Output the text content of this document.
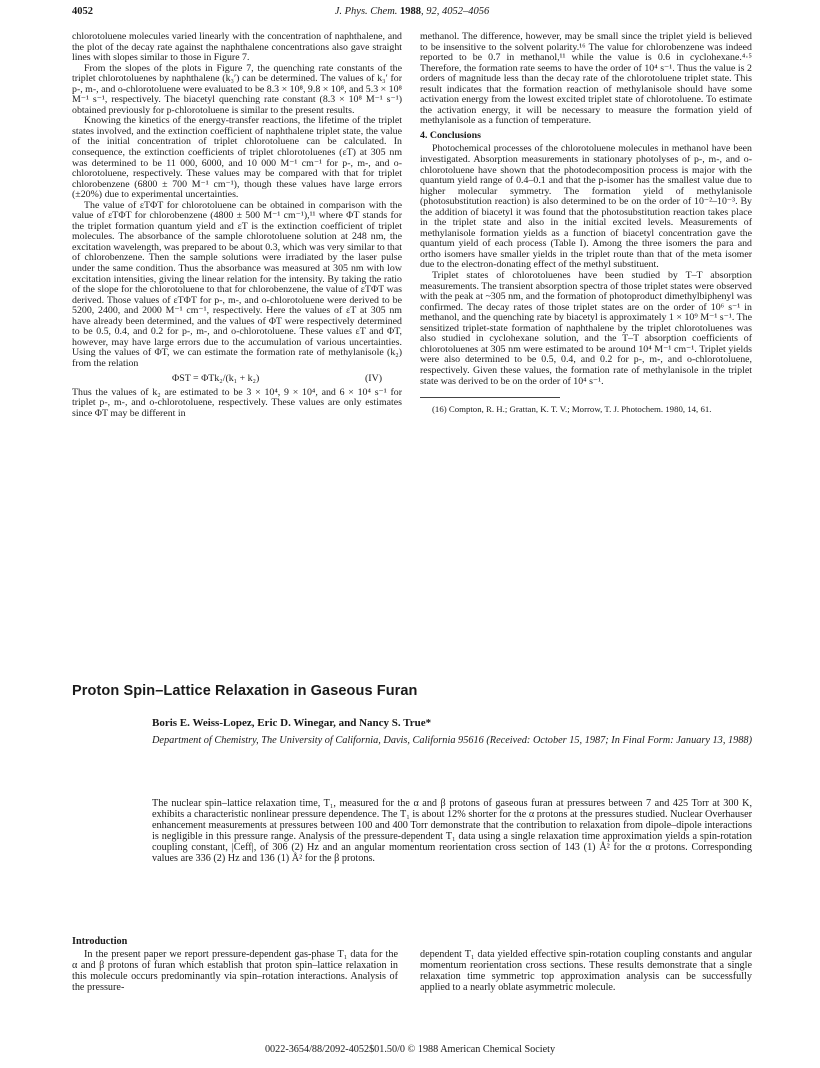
4052	J. Phys. Chem. 1988, 92, 4052–4056

chlorotoluene molecules varied linearly with the concentration of naphthalene, and the plot of the decay rate against the naphthalene concentrations also gave straight lines with slopes similar to those in Figure 7.

From the slopes of the plots in Figure 7, the quenching rate constants of the triplet chlorotoluenes by naphthalene (k₃′) can be determined. The values of k₃′ for p-, m-, and o-chlorotoluene were evaluated to be 8.3 × 10⁸, 9.8 × 10⁸, and 5.3 × 10⁸ M⁻¹ s⁻¹, respectively. The biacetyl quenching rate constant (8.3 × 10⁸ M⁻¹ s⁻¹) obtained previously for p-chlorotoluene is similar to the present results.

Knowing the kinetics of the energy-transfer reactions, the lifetime of the triplet states involved, and the extinction coefficient of naphthalene triplet state, the value of the initial concentration of triplet chlorotoluene can be calculated. In consequence, the extinction coefficients of triplet chlorotoluenes (εT) at 305 nm was determined to be 11 000, 6000, and 10 000 M⁻¹ cm⁻¹ for p-, m-, and o-chlorotoluene, respectively. These values may be compared with that for triplet chlorobenzene (6800 ± 700 M⁻¹ cm⁻¹), though these values have large errors (±20%) due to experimental uncertainties.

The value of εTΦT for chlorotoluene can be obtained in comparison with the value of εTΦT for chlorobenzene (4800 ± 500 M⁻¹ cm⁻¹),¹¹ where ΦT stands for the triplet formation quantum yield and εT is the extinction coefficient of triplet molecules. The absorbance of the sample chlorotoluene solution at 248 nm, the excitation wavelength, was prepared to be about 0.3, which was very similar to that of chlorobenzene. Then the sample solutions were irradiated by the laser pulse under the same condition. Thus the absorbance was measured at 305 nm with low excitation intensities, giving the linear relation for the intensity. By taking the ratio of the slope for the chlorotoluene to that for chlorobenzene, the value of εTΦT was derived. Those values of εTΦT for p-, m-, and o-chlorotoluene were derived to be 5200, 2400, and 2000 M⁻¹ cm⁻¹, respectively. Here the values of εT at 305 nm have already been determined, and the values of ΦT were respectively determined to be 0.5, 0.4, and 0.2 for p-, m-, and o-chlorotoluene. These values εT and ΦT, however, may have large errors due to the accumulation of various uncertainties. Using the values of ΦT, we can estimate the formation rate of methylanisole (k₂) from the relation

ΦST = ΦTk₂/(k₁ + k₂)	(IV)

Thus the values of k₂ are estimated to be 3 × 10⁴, 9 × 10⁴, and 6 × 10⁴ s⁻¹ for triplet p-, m-, and o-chlorotoluene, respectively. These values are only estimates since ΦT may be different in

methanol. The difference, however, may be small since the triplet yield is believed to be insensitive to the solvent polarity.¹⁶ The value for chlorobenzene was indeed reported to be 0.7 in methanol,¹¹ while the value is 0.6 in cyclohexane.⁴·⁵ Therefore, the formation rate seems to have the order of 10⁴ s⁻¹. Thus the value is 2 orders of magnitude less than the decay rate of the chlorotoluene triplet state. This result indicates that the formation reaction of methylanisole should have some activation energy from the lowest excited triplet state of chlorotoluene. To estimate the activation energy, it will be necessary to measure the formation yield of methylanisole as a function of temperature.

4. Conclusions

Photochemical processes of the chlorotoluene molecules in methanol have been investigated. Absorption measurements in stationary photolyses of p-, m-, and o-chlorotoluene have shown that the photodecomposition process is major with the quantum yield range of 0.4–0.1 and that the p-isomer has the smallest value due to higher molecular symmetry. The formation yield of methylanisole (photosubstitution reaction) is also determined to be on the order of 10⁻²–10⁻³. By the addition of biacetyl it was found that the photosubstitution reaction takes place in the triplet state and also in the initial excited levels. Measurements of methylanisole formation yields as a function of biacetyl concentration gave the quantum yield of each process (Table I). Among the three isomers the para and ortho isomers have smaller yields in the triplet route than that of the meta isomer due to the electron-donating effect of the methyl substituent.

Triplet states of chlorotoluenes have been studied by T–T absorption measurements. The transient absorption spectra of those triplet states were observed with the peak at ~305 nm, and the formation of photoproduct dimethylbiphenyl was confirmed. The decay rates of those triplet states are on the order of 10⁶ s⁻¹ in methanol, and the quenching rate by biacetyl is approximately 1 × 10⁹ M⁻¹ s⁻¹. The sensitized triplet-state formation of naphthalene by the triplet chlorotoluenes was also studied in cyclohexane solution, and the T–T absorption coefficients of chlorotoluenes at 305 nm were estimated to be around 10⁴ M⁻¹ cm⁻¹. Triplet yields were also determined to be 0.5, 0.4, and 0.2 for p-, m-, and o-chlorotoluene, respectively. Given these values, the formation rate of methylanisole in the triplet state was derived to be on the order of 10⁴ s⁻¹.

(16) Compton, R. H.; Grattan, K. T. V.; Morrow, T. J. Photochem. 1980, 14, 61.

Proton Spin–Lattice Relaxation in Gaseous Furan
Boris E. Weiss-Lopez, Eric D. Winegar, and Nancy S. True*
Department of Chemistry, The University of California, Davis, California 95616 (Received: October 15, 1987; In Final Form: January 13, 1988)
The nuclear spin–lattice relaxation time, T₁, measured for the α and β protons of gaseous furan at pressures between 7 and 425 Torr at 300 K, exhibits a characteristic nonlinear pressure dependence. The T₁ is about 12% shorter for the α protons at the pressures studied. Nuclear Overhauser enhancement measurements at pressures between 100 and 400 Torr demonstrate that the contribution to relaxation from dipole–dipole interactions is negligible in this pressure range. Analysis of the pressure-dependent T₁ data using a single relaxation time approximation yields a spin-rotation coupling constant, |Ceff|, of 306 (2) Hz and an angular momentum reorientation cross section of 143 (1) Å² for the α protons. Corresponding values are 336 (2) Hz and 136 (1) Å² for the β protons.
Introduction

In the present paper we report pressure-dependent gas-phase T₁ data for the α and β protons of furan which establish that proton spin–lattice relaxation in this molecule occurs predominantly via spin–rotation interactions. Analysis of the pressure-

dependent T₁ data yielded effective spin-rotation coupling constants and angular momentum reorientation cross sections. These results demonstrate that a single relaxation time symmetric top approximation analysis can be successfully applied to a nearly oblate asymmetric molecule.

0022-3654/88/2092-4052$01.50/0 © 1988 American Chemical Society
